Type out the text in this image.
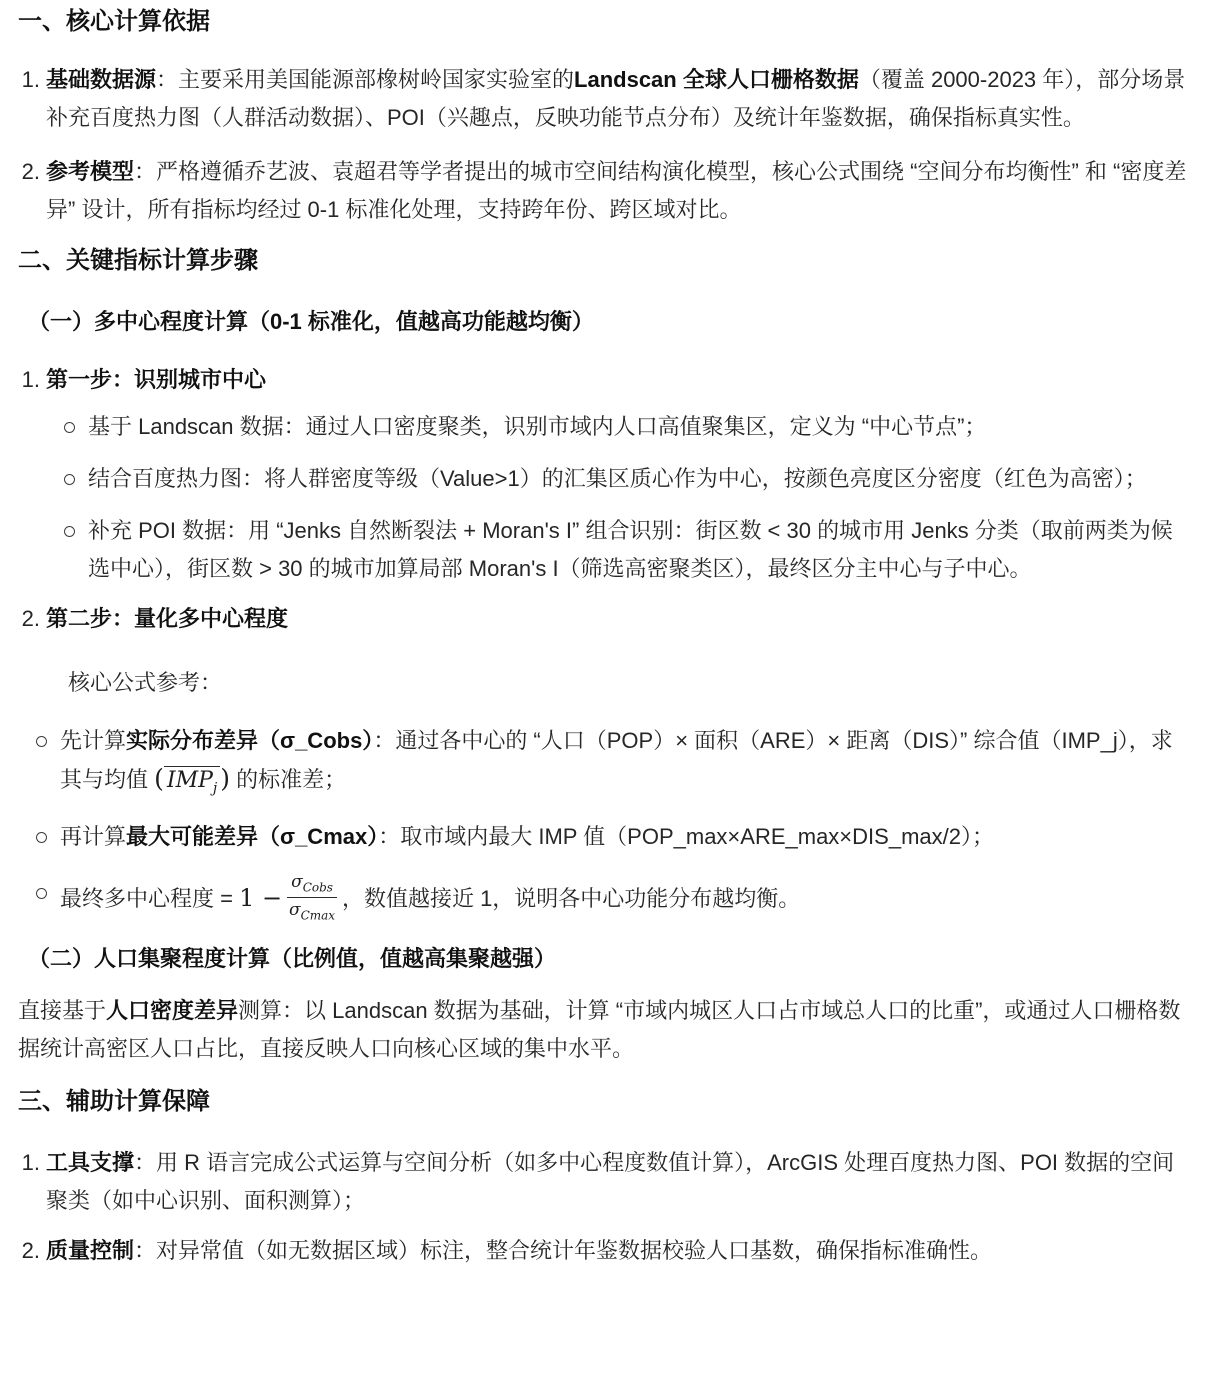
一、核心计算依据
1. 基础数据源：主要采用美国能源部橡树岭国家实验室的Landscan 全球人口栅格数据（覆盖 2000-2023 年），部分场景补充百度热力图（人群活动数据）、POI（兴趣点，反映功能节点分布）及统计年鉴数据，确保指标真实性。
2. 参考模型：严格遵循乔艺波、袁超君等学者提出的城市空间结构演化模型，核心公式围绕 “空间分布均衡性” 和 “密度差异” 设计，所有指标均经过 0-1 标准化处理，支持跨年份、跨区域对比。
二、关键指标计算步骤
（一）多中心程度计算（0-1 标准化，值越高功能越均衡）
1. 第一步：识别城市中心
基于 Landscan 数据：通过人口密度聚类，识别市域内人口高值聚集区，定义为 “中心节点”；
结合百度热力图：将人群密度等级（Value>1）的汇集区质心作为中心，按颜色亮度区分密度（红色为高密）；
补充 POI 数据：用 “Jenks 自然断裂法 + Moran's I” 组合识别：街区数 < 30 的城市用 Jenks 分类（取前两类为候选中心），街区数 > 30 的城市加算局部 Moran's I（筛选高密聚类区），最终区分主中心与子中心。
2. 第二步：量化多中心程度

核心公式参考：

先计算实际分布差异（σ_Cobs）：通过各中心的 “人口（POP）× 面积（ARE）× 距离（DIS）” 综合值（IMP_j），求其与均值 ( $IMP_j$ ) 的标准差；
再计算最大可能差异（σ_Cmax）：取市域内最大 IMP 值（POP_max×ARE_max×DIS_max/2）；
最终多中心程度 = $1 - \frac{\sigma_{Cobs}}{\sigma_{Cmax}}$ ，数值越接近 1，说明各中心功能分布越均衡。
（二）人口集聚程度计算（比例值，值越高集聚越强）

直接基于人口密度差异测算：以 Landscan 数据为基础，计算 “市域内城区人口占市域总人口的比重”，或通过人口栅格数据统计高密区人口占比，直接反映人口向核心区域的集中水平。

三、辅助计算保障
1. 工具支撑：用 R 语言完成公式运算与空间分析（如多中心程度数值计算），ArcGIS 处理百度热力图、POI 数据的空间聚类（如中心识别、面积测算）；
2. 质量控制：对异常值（如无数据区域）标注，整合统计年鉴数据校验人口基数，确保指标准确性。
